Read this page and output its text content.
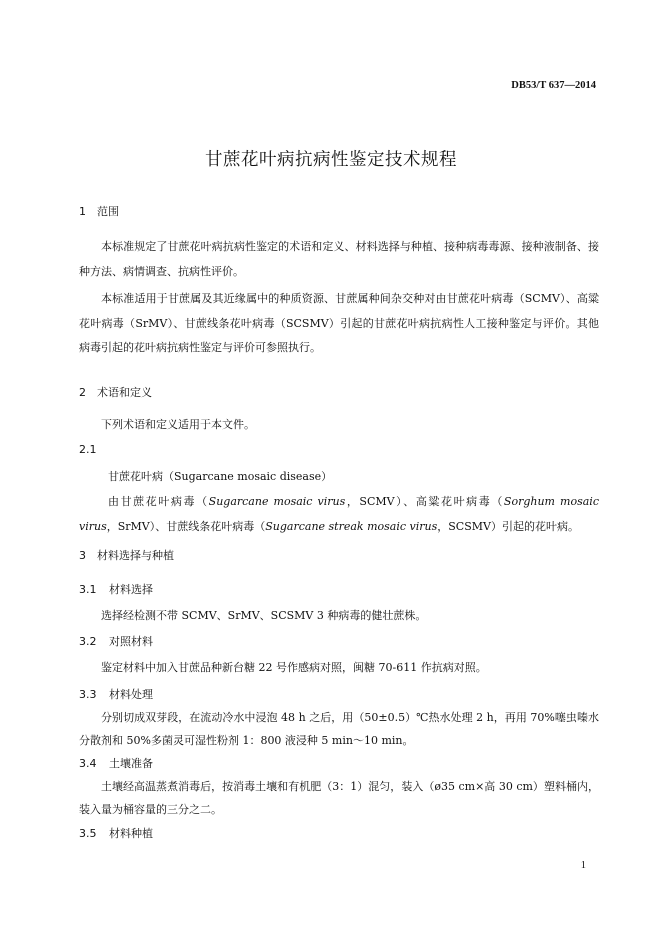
DB53/T 637—2014
甘蔗花叶病抗病性鉴定技术规程
1 范围
本标准规定了甘蔗花叶病抗病性鉴定的术语和定义、材料选择与种植、接种病毒毒源、接种液制备、接种方法、病情调查、抗病性评价。
本标准适用于甘蔗属及其近缘属中的种质资源、甘蔗属种间杂交种对由甘蔗花叶病毒（SCMV）、高粱花叶病毒（SrMV）、甘蔗线条花叶病毒（SCSMV）引起的甘蔗花叶病抗病性人工接种鉴定与评价。其他病毒引起的花叶病抗病性鉴定与评价可参照执行。
2 术语和定义
下列术语和定义适用于本文件。
2.1
甘蔗花叶病（Sugarcane mosaic disease）
由甘蔗花叶病毒（Sugarcane mosaic virus，SCMV）、高粱花叶病毒（Sorghum mosaic virus，SrMV）、甘蔗线条花叶病毒（Sugarcane streak mosaic virus，SCSMV）引起的花叶病。
3 材料选择与种植
3.1 材料选择
选择经检测不带 SCMV、SrMV、SCSMV 3 种病毒的健壮蔗株。
3.2 对照材料
鉴定材料中加入甘蔗品种新台糖 22 号作感病对照，闽糖 70-611 作抗病对照。
3.3 材料处理
分别切成双芽段，在流动冷水中浸泡 48 h 之后，用（50±0.5）℃热水处理 2 h，再用 70%噻虫嗪水分散剂和 50%多菌灵可湿性粉剂 1：800 液浸种 5 min～10 min。
3.4 土壤准备
土壤经高温蒸煮消毒后，按消毒土壤和有机肥（3：1）混匀，装入（ø35 cm×高 30 cm）塑料桶内，装入量为桶容量的三分之二。
3.5 材料种植
1
